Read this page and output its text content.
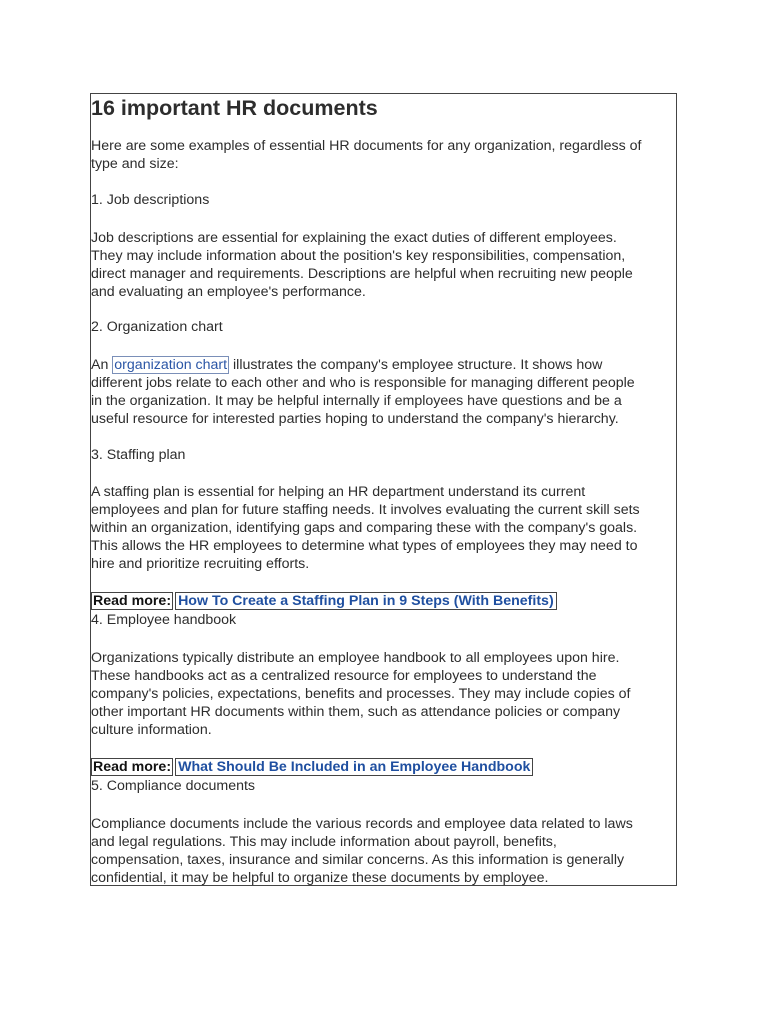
16 important HR documents

Here are some examples of essential HR documents for any organization, regardless of

type and size:

1. Job descriptions

Job descriptions are essential for explaining the exact duties of different employees.

They may include information about the position's key responsibilities, compensation,

direct manager and requirements. Descriptions are helpful when recruiting new people

and evaluating an employee's performance.

2. Organization chart

An organization chart illustrates the company's employee structure. It shows how

different jobs relate to each other and who is responsible for managing different people

in the organization. It may be helpful internally if employees have questions and be a

useful resource for interested parties hoping to understand the company's hierarchy.

3. Staffing plan

A staffing plan is essential for helping an HR department understand its current

employees and plan for future staffing needs. It involves evaluating the current skill sets

within an organization, identifying gaps and comparing these with the company's goals.

This allows the HR employees to determine what types of employees they may need to

hire and prioritize recruiting efforts.

Read more: How To Create a Staffing Plan in 9 Steps (With Benefits)

4. Employee handbook

Organizations typically distribute an employee handbook to all employees upon hire.

These handbooks act as a centralized resource for employees to understand the

company's policies, expectations, benefits and processes. They may include copies of

other important HR documents within them, such as attendance policies or company

culture information.

Read more: What Should Be Included in an Employee Handbook

5. Compliance documents

Compliance documents include the various records and employee data related to laws

and legal regulations. This may include information about payroll, benefits,

compensation, taxes, insurance and similar concerns. As this information is generally

confidential, it may be helpful to organize these documents by employee.
